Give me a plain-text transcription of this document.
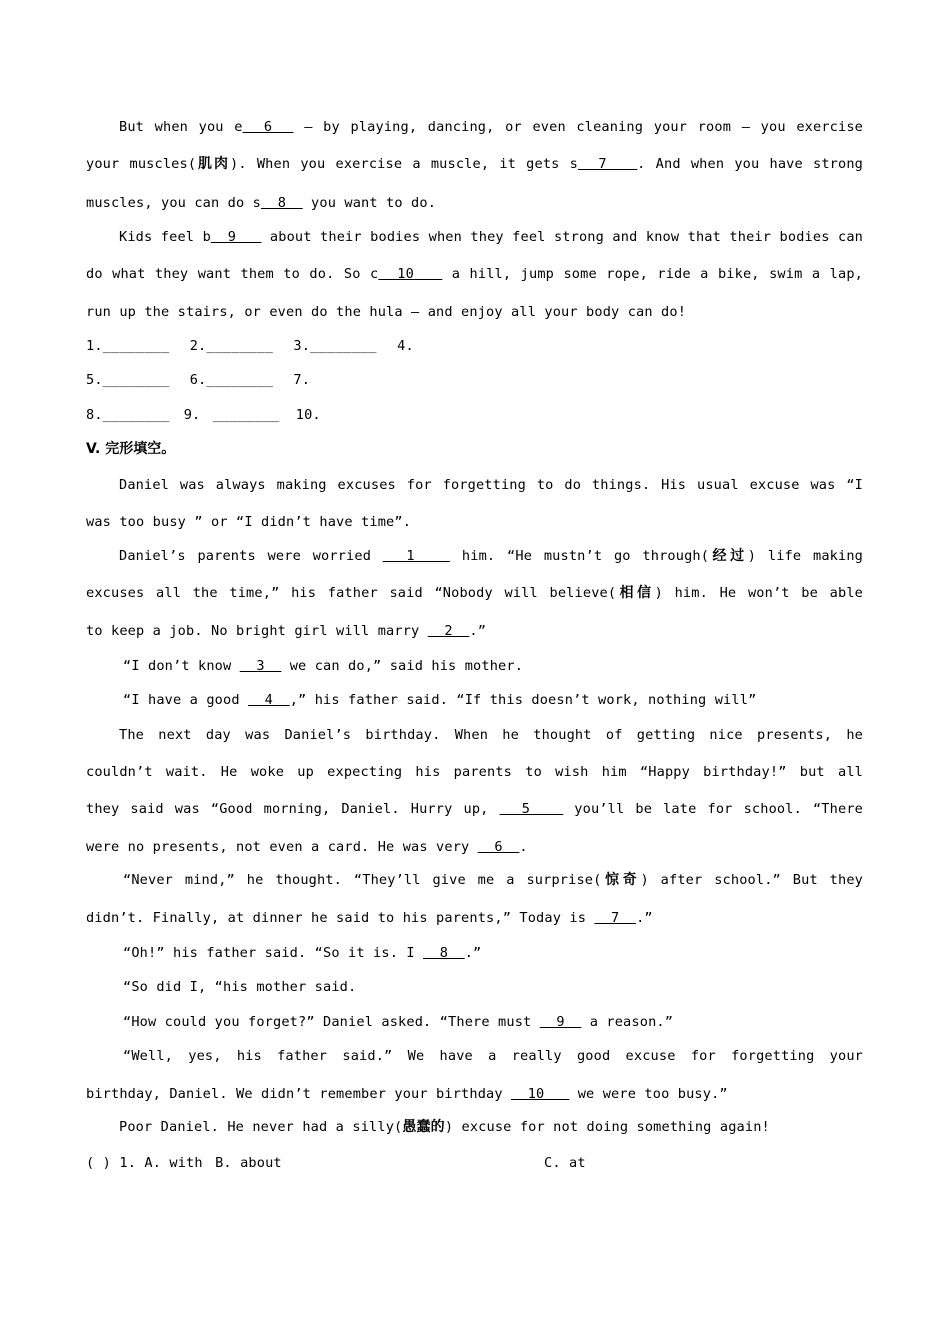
But when you e  6   — by playing, dancing, or even cleaning your room — you exercise
your muscles(肌肉). When you exercise a muscle, it gets s  7   . And when you have strong
muscles, you can do s  8   you want to do.
Kids feel b  9    about their bodies when they feel strong and know that their bodies can
do what they want them to do. So c  10    a hill, jump some rope, ride a bike, swim a lap,
run up the stairs, or even do the hula — and enjoy all your body can do!
1.________ 2.________ 3.________ 4.
5.________ 6.________ 7.
8.________ 9. ________ 10.
V. 完形填空。
Daniel was always making excuses for forgetting to do things. His usual excuse was “I
was too busy ” or “I didn’t have time”.
Daniel’s parents were worried   1    him. “He mustn’t go through(经过) life making
excuses all the time,” his father said “Nobody will believe(相信) him. He won’t be able
to keep a job. No bright girl will marry   2  .”
“I don’t know   3   we can do,” said his mother.
“I have a good   4  ,” his father said. “If this doesn’t work, nothing will”
The next day was Daniel’s birthday. When he thought of getting nice presents, he
couldn’t wait. He woke up expecting his parents to wish him “Happy birthday!” but all
they said was “Good morning, Daniel. Hurry up,   5    you’ll be late for school. “There
were no presents, not even a card. He was very   6  .
“Never mind,” he thought. “They’ll give me a surprise(惊奇) after school.” But they
didn’t. Finally, at dinner he said to his parents,” Today is   7  .”
“Oh!” his father said. “So it is. I   8  .”
“So did I, “his mother said.
“How could you forget?” Daniel asked. “There must   9   a reason.”
“Well, yes, his father said.” We have a really good excuse for forgetting your
birthday, Daniel. We didn’t remember your birthday   10    we were too busy.”
Poor Daniel. He never had a silly(愚蠢的) excuse for not doing something again!
( ) 1. A. with B. about	C. at
